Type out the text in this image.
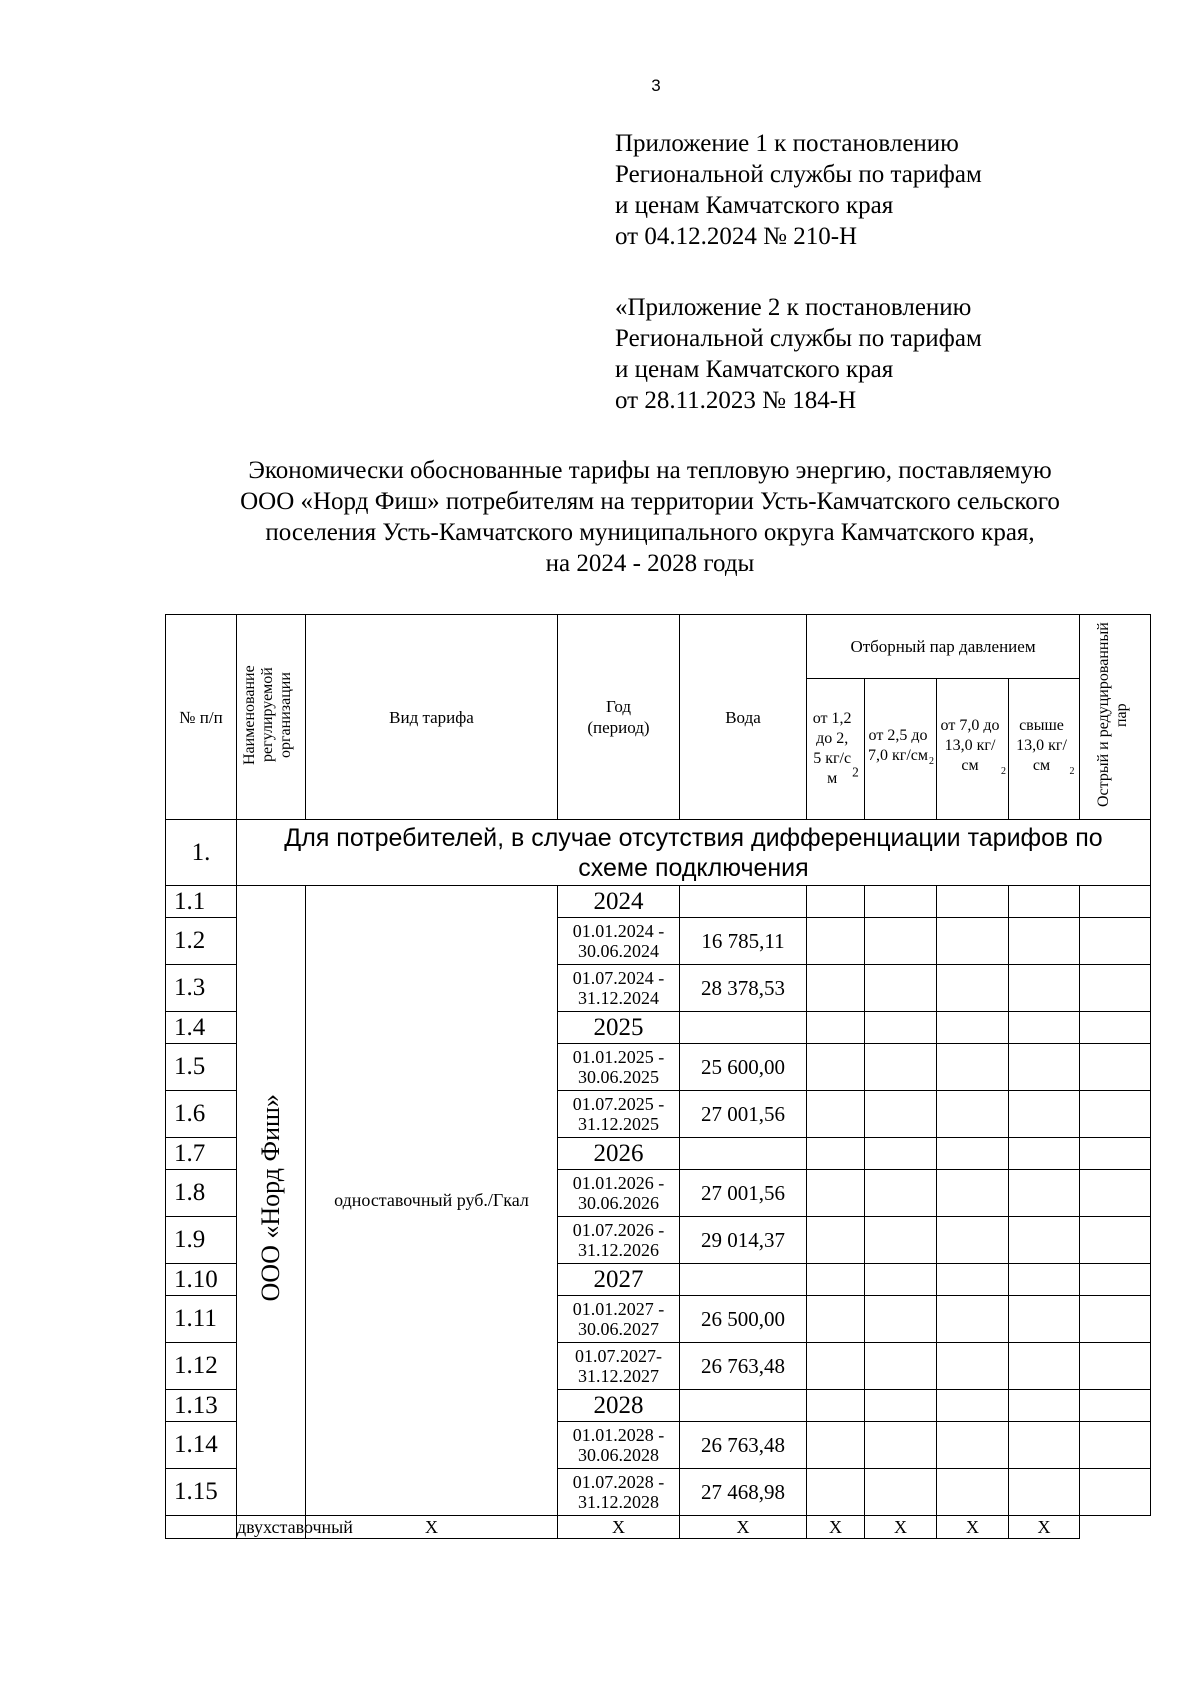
3
Приложение 1 к постановлению
Региональной службы по тарифам
и ценам Камчатского края
от 04.12.2024 № 210-Н
«Приложение 2 к постановлению
Региональной службы по тарифам
и ценам Камчатского края
от 28.11.2023 № 184-Н
Экономически обоснованные тарифы на тепловую энергию, поставляемую
ООО «Норд Фиш» потребителям на территории Усть-Камчатского сельского
поселения Усть-Камчатского муниципального округа Камчатского края,
на 2024 - 2028 годы
№ п/п	Наименование регулируемой организации	Вид тарифа	Год (период)	Вода	Отборный пар давлением				Острый и редуцированный пар
					от 1,2 до 2,5 кг/см $^2$	от 2,5 до 7,0 $кг/см_2$	от 7,0 до 13,0 кг/см $_2$	свыше 13,0 кг/см $_2$
1.	Для потребителей, в случае отсутствия дифференциации тарифов по схеме подключения								
1.1	ООО «Норд Фиш»	одноставочный руб./Гкал	2024						
1.2			01.01.2024 - 30.06.2024	16 785,11					
1.3			01.07.2024 - 31.12.2024	28 378,53					
1.4			2025						
1.5			01.01.2025 - 30.06.2025	25 600,00					
1.6			01.07.2025 - 31.12.2025	27 001,56					
1.7			2026						
1.8			01.01.2026 - 30.06.2026	27 001,56					
1.9			01.07.2026 - 31.12.2026	29 014,37					
1.10			2027						
1.11			01.01.2027 - 30.06.2027	26 500,00					
1.12			01.07.2027- 31.12.2027	26 763,48					
1.13			2028						
1.14			01.01.2028 - 30.06.2028	26 763,48					
1.15			01.07.2028 - 31.12.2028	27 468,98					
	двухставочный	Х	Х	Х	Х	Х	Х	Х	
